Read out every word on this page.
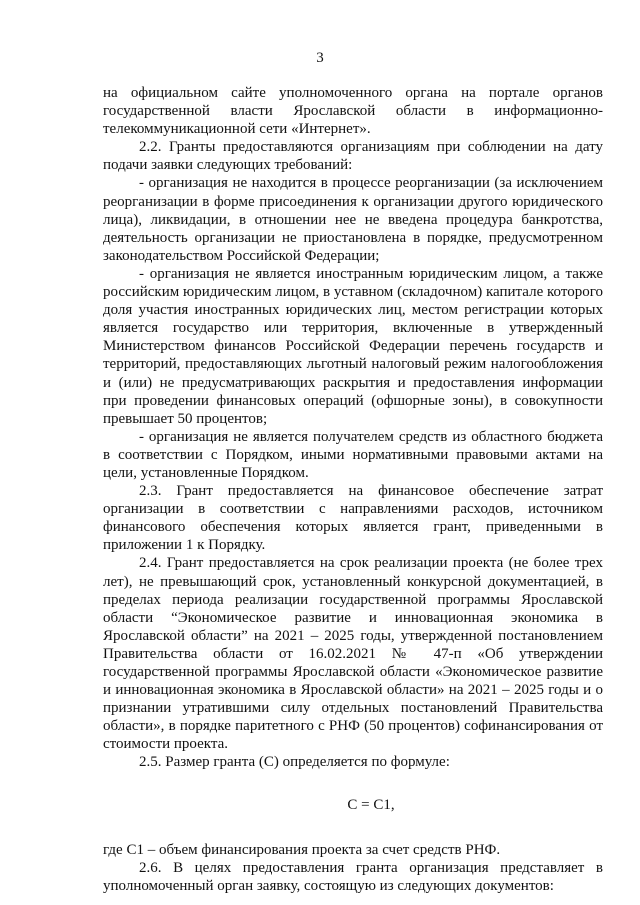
3

на официальном сайте уполномоченного органа на портале органов государственной власти Ярославской области в информационно-телекоммуникационной сети «Интернет».

2.2. Гранты предоставляются организациям при соблюдении на дату подачи заявки следующих требований:

- организация не находится в процессе реорганизации (за исключением реорганизации в форме присоединения к организации другого юридического лица), ликвидации, в отношении нее не введена процедура банкротства, деятельность организации не приостановлена в порядке, предусмотренном законодательством Российской Федерации;

- организация не является иностранным юридическим лицом, а также российским юридическим лицом, в уставном (складочном) капитале которого доля участия иностранных юридических лиц, местом регистрации которых является государство или территория, включенные в утвержденный Министерством финансов Российской Федерации перечень государств и территорий, предоставляющих льготный налоговый режим налогообложения и (или) не предусматривающих раскрытия и предоставления информации при проведении финансовых операций (офшорные зоны), в совокупности превышает 50 процентов;

- организация не является получателем средств из областного бюджета в соответствии с Порядком, иными нормативными правовыми актами на цели, установленные Порядком.

2.3. Грант предоставляется на финансовое обеспечение затрат организации в соответствии с направлениями расходов, источником финансового обеспечения которых является грант, приведенными в приложении 1 к Порядку.

2.4. Грант предоставляется на срок реализации проекта (не более трех лет), не превышающий срок, установленный конкурсной документацией, в пределах периода реализации государственной программы Ярославской области “Экономическое развитие и инновационная экономика в Ярославской области” на 2021 – 2025 годы, утвержденной постановлением Правительства области от 16.02.2021 № 47-п «Об утверждении государственной программы Ярославской области «Экономическое развитие и инновационная экономика в Ярославской области» на 2021 – 2025 годы и о признании утратившими силу отдельных постановлений Правительства области», в порядке паритетного с РНФ (50 процентов) софинансирования от стоимости проекта.

2.5. Размер гранта (С) определяется по формуле:

С = С1,

где С1 – объем финансирования проекта за счет средств РНФ.

2.6. В целях предоставления гранта организация представляет в уполномоченный орган заявку, состоящую из следующих документов:
